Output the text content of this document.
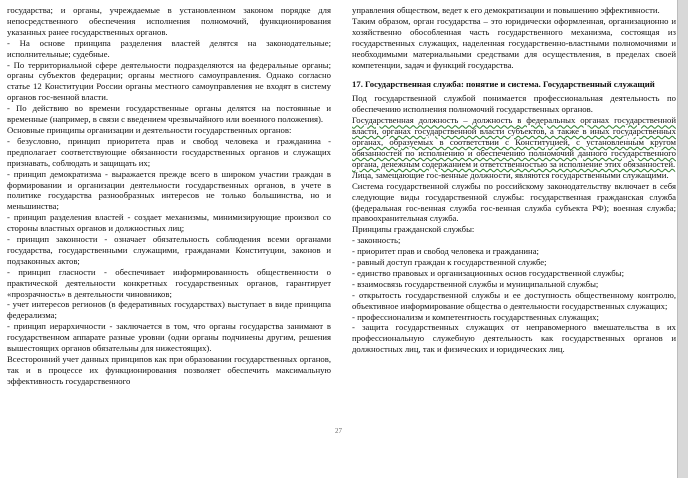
государства; и органы, учреждаемые в установленном законом порядке для непосредственного обеспечения исполнения полномочий, функционирования указанных ранее государственных органов.

- На основе принципа разделения властей делятся на законодательные; исполнительные; судебные.

- По территориальной сфере деятельности подразделяются на федеральные органы; органы субъектов федерации; органы местного самоуправления. Однако согласно статье 12 Конституции России органы местного самоуправления не входят в систему органов гос-венной власти.

- По действию во времени государственные органы делятся на постоянные и временные (например, в связи с введением чрезвычайного или военного положения).

Основные принципы организации и деятельности государственных органов:

- безусловно, принцип приоритета прав и свобод человека и гражданина - предполагает соответствующие обязанности государственных органов и служащих признавать, соблюдать и защищать их;

- принцип демократизма - выражается прежде всего в широком участии граждан в формировании и организации деятельности государственных органов, в учете в политике государства разнообразных интересов не только большинства, но и меньшинства;

- принцип разделения властей - создает механизмы, минимизирующие произвол со стороны властных органов и должностных лиц;

- принцип законности - означает обязательность соблюдения всеми органами государства, государственными служащими, гражданами Конституции, законов и подзаконных актов;

- принцип гласности - обеспечивает информированность общественности о практической деятельности конкретных государственных органов, гарантирует «прозрачность» в деятельности чиновников;

- учет интересов регионов (в федеративных государствах) выступает в виде принципа федерализма;

- принцип иерархичности - заключается в том, что органы государства занимают в государственном аппарате разные уровни (одни органы подчинены другим, решения вышестоящих органов обязательны для нижестоящих).

Всесторонний учет данных принципов как при образовании государственных органов, так и в процессе их функционирования позволяет обеспечить максимальную эффективность государственного

управления обществом, ведет к его демократизации и повышению эффективности.

Таким образом, орган государства – это юридически оформленная, организационно и хозяйственно обособленная часть государственного механизма, состоящая из государственных служащих, наделенная государственно-властными полномочиями и необходимыми материальными средствами для осуществления, в пределах своей компетенции, задач и функций государства.

17. Государственная служба: понятие и система. Государственный служащий

Под государственной службой понимается профессиональная деятельность по обеспечению исполнения полномочий государственных органов.

Государственная должность – должность в федеральных органах государственной власти, органах государственной власти субъектов, а также в иных государственных органах, образуемых в соответствии с Конституцией, с установленным кругом обязанностей по исполнению и обеспечению полномочий данного государственного органа, денежным содержанием и ответственностью за исполнение этих обязанностей.

Лица, замещающие гос-венные должности, являются государственными служащими.

Система государственной службы по российскому законодательству включает в себя следующие виды государственной службы: государственная гражданская служба (федеральная гос-венная служба гос-венная служба субъекта РФ); военная служба; правоохранительная служба.

Принципы гражданской службы:

- законность;

- приоритет прав и свобод человека и гражданина;

- равный доступ граждан к государственной службе;

- единство правовых и организационных основ государственной службы;

- взаимосвязь государственной службы и муниципальной службы;

- открытость государственной службы и ее доступность общественному контролю, объективное информирование общества о деятельности государственных служащих;

- профессионализм и компетентность государственных служащих;

- защита государственных служащих от неправомерного вмешательства в их профессиональную служебную деятельность как государственных органов и должностных лиц, так и физических и юридических лиц.

27
